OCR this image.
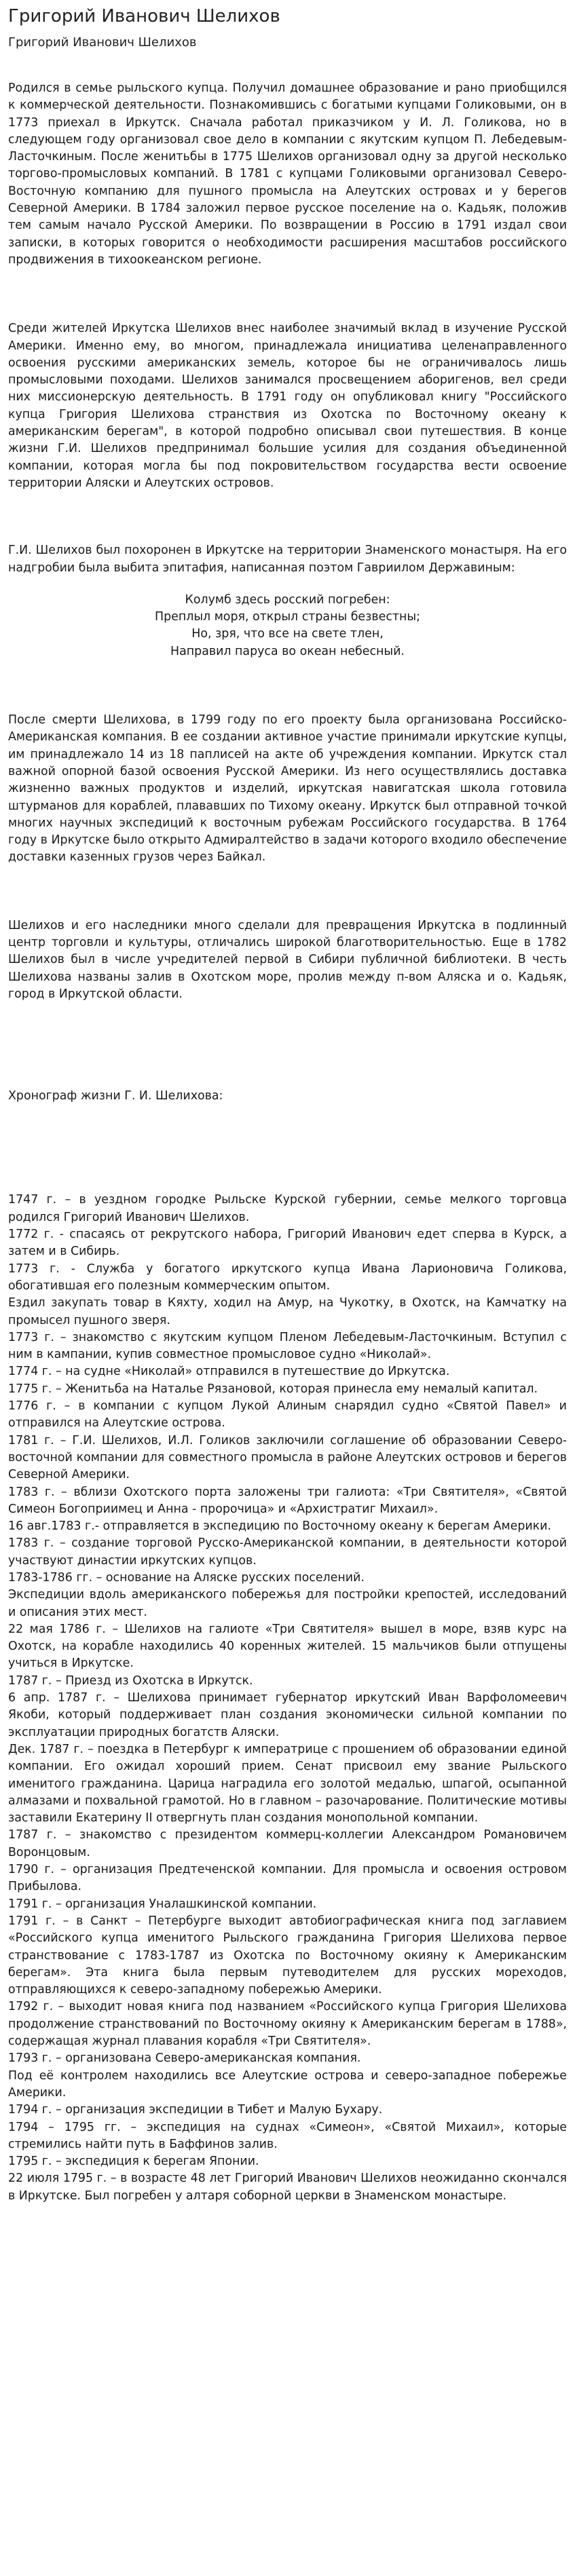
Григорий Иванович Шелихов
Григорий Иванович Шелихов

Родился в семье рыльского купца. Получил домашнее образование и рано приобщился к коммерческой деятельности. Познакомившись с богатыми купцами Голиковыми, он в 1773 приехал в Иркутск. Сначала работал приказчиком у И. Л. Голикова, но в следующем году организовал свое дело в компании с якутским купцом П. Лебедевым-Ласточкиным. После женитьбы в 1775 Шелихов организовал одну за другой несколько торгово-промысловых компаний. В 1781 с купцами Голиковыми организовал Северо-Восточную компанию для пушного промысла на Алеутских островах и у берегов Северной Америки. В 1784 заложил первое русское поселение на о. Кадьяк, положив тем самым начало Русской Америки. По возвращении в Россию в 1791 издал свои записки, в которых говорится о необходимости расширения масштабов российского продвижения в тихоокеанском регионе.

Среди жителей Иркутска Шелихов внес наиболее значимый вклад в изучение Русской Америки. Именно ему, во многом, принадлежала инициатива целенаправленного освоения русскими американских земель, которое бы не ограничивалось лишь промысловыми походами. Шелихов занимался просвещением аборигенов, вел среди них миссионерскую деятельность. В 1791 году он опубликовал книгу "Российского купца Григория Шелихова странствия из Охотска по Восточному океану к американским берегам", в которой подробно описывал свои путешествия. В конце жизни Г.И. Шелихов предпринимал большие усилия для создания объединенной компании, которая могла бы под покровительством государства вести освоение территории Аляски и Алеутских островов.

Г.И. Шелихов был похоронен в Иркутске на территории Знаменского монастыря. На его надгробии была выбита эпитафия, написанная поэтом Гавриилом Державиным:

Колумб здесь росский погребен:
Преплыл моря, открыл страны безвестны;
Но, зря, что все на свете тлен,
Направил паруса во океан небесный.

После смерти Шелихова, в 1799 году по его проекту была организована Российско-Американская компания. В ее создании активное участие принимали иркутские купцы, им принадлежало 14 из 18 паплисей на акте об учреждения компании. Иркутск стал важной опорной базой освоения Русской Америки. Из него осуществлялись доставка жизненно важных продуктов и изделий, иркутская навигатская школа готовила штурманов для кораблей, плававших по Тихому океану. Иркутск был отправной точкой многих научных экспедиций к восточным рубежам Российского государства. В 1764 году в Иркутске было открыто Адмиралтейство в задачи которого входило обеспечение доставки казенных грузов через Байкал.

Шелихов и его наследники много сделали для превращения Иркутска в подлинный центр торговли и культуры, отличались широкой благотворительностью. Еще в 1782 Шелихов был в числе учредителей первой в Сибири публичной библиотеки. В честь Шелихова названы залив в Охотском море, пролив между п-вом Аляска и о. Кадьяк, город в Иркутской области.

Хронограф жизни Г. И. Шелихова:

1747 г. – в уездном городке Рыльске Курской губернии, семье мелкого торговца родился Григорий Иванович Шелихов.

1772 г. - спасаясь от рекрутского набора, Григорий Иванович едет сперва в Курск, а затем и в Сибирь.

1773 г. - Служба у богатого иркутского купца Ивана Ларионовича Голикова, обогатившая его полезным коммерческим опытом.

Ездил закупать товар в Кяхту, ходил на Амур, на Чукотку, в Охотск, на Камчатку на промысел пушного зверя.

1773 г. – знакомство с якутским купцом Пленом Лебедевым-Ласточкиным. Вступил с ним в кампании, купив совместное промысловое судно «Николай».

1774 г. – на судне «Николай» отправился в путешествие до Иркутска.

1775 г. – Женитьба на Наталье Рязановой, которая принесла ему немалый капитал.

1776 г. – в компании с купцом Лукой Алиным снарядил судно «Святой Павел» и отправился на Алеутские острова.

1781 г. – Г.И. Шелихов, И.Л. Голиков заключили соглашение об образовании Северо-восточной компании для совместного промысла в районе Алеутских островов и берегов Северной Америки.

1783 г. – вблизи Охотского порта заложены три галиота: «Три Святителя», «Святой Симеон Богоприимец и Анна - пророчица» и «Архистратиг Михаил».

16 авг.1783 г.- отправляется в экспедицию по Восточному океану к берегам Америки.

1783 г. – создание торговой Русско-Американской компании, в деятельности которой участвуют династии иркутских купцов.

1783-1786 гг. – основание на Аляске русских поселений.

Экспедиции вдоль американского побережья для постройки крепостей, исследований и описания этих мест.

22 мая 1786 г. – Шелихов на галиоте «Три Святителя» вышел в море, взяв курс на Охотск, на корабле находились 40 коренных жителей. 15 мальчиков были отпущены учиться в Иркутске.

1787 г. – Приезд из Охотска в Иркутск.

6 апр. 1787 г. – Шелихова принимает губернатор иркутский Иван Варфоломеевич Якоби, который поддерживает план создания экономически сильной компании по эксплуатации природных богатств Аляски.

Дек. 1787 г. – поездка в Петербург к императрице с прошением об образовании единой компании. Его ожидал хороший прием. Сенат присвоил ему звание Рыльского именитого гражданина. Царица наградила его золотой медалью, шпагой, осыпанной алмазами и похвальной грамотой. Но в главном – разочарование. Политические мотивы заставили Екатерину II отвергнуть план создания монопольной компании.

1787 г. – знакомство с президентом коммерц-коллегии Александром Романовичем Воронцовым.

1790 г. – организация Предтеченской компании. Для промысла и освоения островом Прибылова.

1791 г. – организация Уналашкинской компании.

1791 г. – в Санкт – Петербурге выходит автобиографическая книга под заглавием «Российского купца именитого Рыльского гражданина Григория Шелихова первое странствование с 1783-1787 из Охотска по Восточному окияну к Американским берегам». Эта книга была первым путеводителем для русских мореходов, отправляющихся к северо-западному побережью Америки.

1792 г. – выходит новая книга под названием «Российского купца Григория Шелихова продолжение странствований по Восточному окияну к Американским берегам в 1788», содержащая журнал плавания корабля «Три Святителя».

1793 г. – организована Северо-американская компания.

Под её контролем находились все Алеутские острова и северо-западное побережье Америки.

1794 г. – организация экспедиции в Тибет и Малую Бухару.

1794 – 1795 гг. – экспедиция на суднах «Симеон», «Святой Михаил», которые стремились найти путь в Баффинов залив.

1795 г. – экспедиция к берегам Японии.

22 июля 1795 г. – в возрасте 48 лет Григорий Иванович Шелихов неожиданно скончался в Иркутске. Был погребен у алтаря соборной церкви в Знаменском монастыре.
